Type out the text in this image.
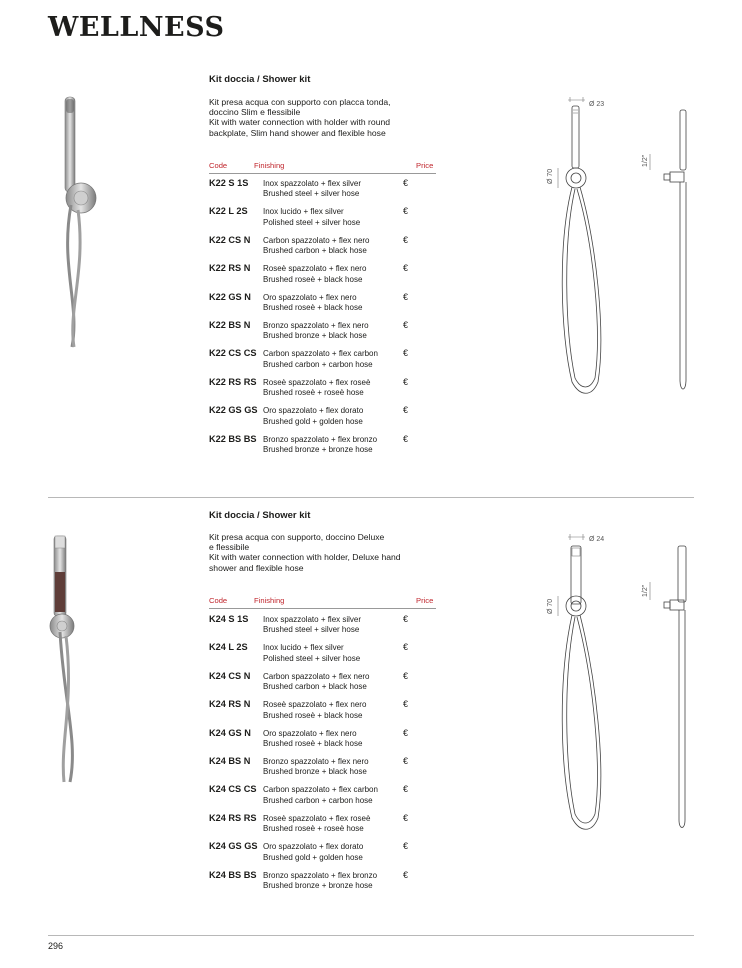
WELLNESS
Kit doccia / Shower kit
Kit presa acqua con supporto con placca tonda,
doccino Slim e flessibile
Kit with water connection with holder with round
backplate, Slim hand shower and flexible hose
Code	Finishing	Price
K22 S 1S Inox spazzolato + flex silver
Brushed steel + silver hose
€
K22 L 2S Inox lucido + flex silver
Polished steel + silver hose
€
K22 CS N Carbon spazzolato + flex nero
Brushed carbon + black hose
€
K22 RS N Roseè spazzolato + flex nero
Brushed roseè + black hose
€
K22 GS N Oro spazzolato + flex nero
Brushed roseè + black hose
€
K22 BS N Bronzo spazzolato + flex nero
Brushed bronze + black hose
€
K22 CS CS Carbon spazzolato + flex carbon
Brushed carbon + carbon hose
€
K22 RS RS Roseè spazzolato + flex roseè
Brushed roseè + roseè hose
€
K22 GS GS Oro spazzolato + flex dorato
Brushed gold + golden hose
€
K22 BS BS Bronzo spazzolato + flex bronzo
Brushed bronze + bronze hose
€
Ø 23
Ø 70
1/2"
Kit doccia / Shower kit
Kit presa acqua con supporto, doccino Deluxe
e flessibile
Kit with water connection with holder, Deluxe hand
shower and flexible hose
Code	Finishing	Price
K24 S 1S Inox spazzolato + flex silver
Brushed steel + silver hose
€
K24 L 2S Inox lucido + flex silver
Polished steel + silver hose
€
K24 CS N Carbon spazzolato + flex nero
Brushed carbon + black hose
€
K24 RS N Roseè spazzolato + flex nero
Brushed roseè + black hose
€
K24 GS N Oro spazzolato + flex nero
Brushed roseè + black hose
€
K24 BS N Bronzo spazzolato + flex nero
Brushed bronze + black hose
€
K24 CS CS Carbon spazzolato + flex carbon
Brushed carbon + carbon hose
€
K24 RS RS Roseè spazzolato + flex roseè
Brushed roseè + roseè hose
€
K24 GS GS Oro spazzolato + flex dorato
Brushed gold + golden hose
€
K24 BS BS Bronzo spazzolato + flex bronzo
Brushed bronze + bronze hose
€
Ø 24
Ø 70
1/2"
296
